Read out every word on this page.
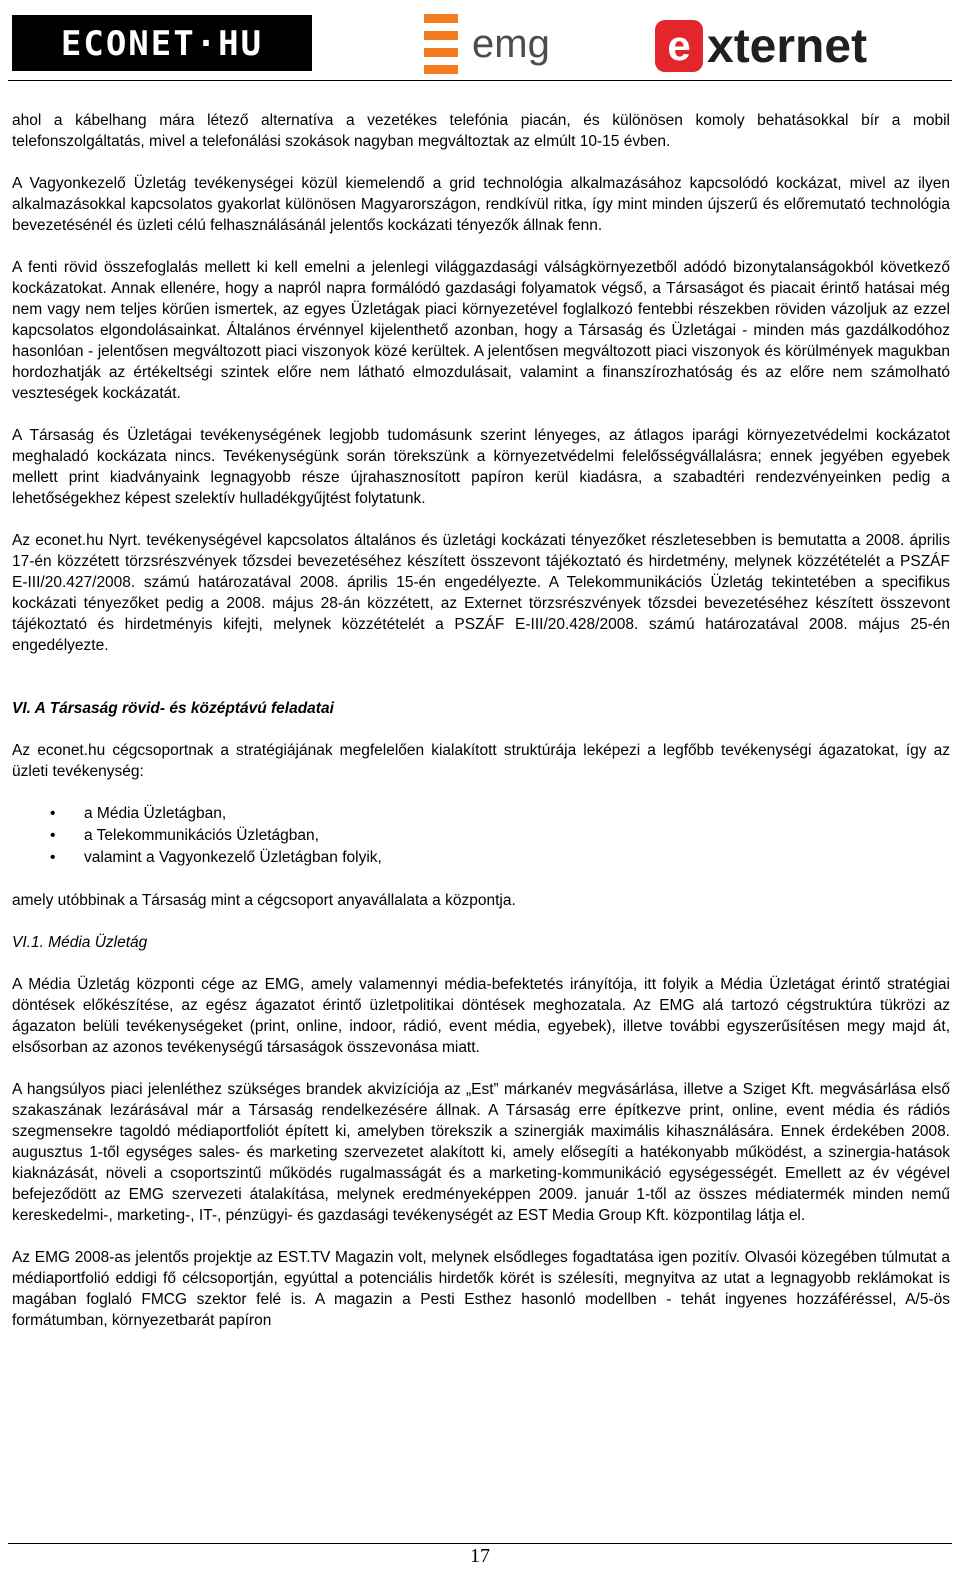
ECONET·HU	emg	e xternet

ahol a kábelhang mára létező alternatíva a vezetékes telefónia piacán, és különösen komoly behatásokkal bír a mobil telefonszolgáltatás, mivel a telefonálási szokások nagyban megváltoztak az elmúlt 10-15 évben.

A Vagyonkezelő Üzletág tevékenységei közül kiemelendő a grid technológia alkalmazásához kapcsolódó kockázat, mivel az ilyen alkalmazásokkal kapcsolatos gyakorlat különösen Magyarországon, rendkívül ritka, így mint minden újszerű és előremutató technológia bevezetésénél és üzleti célú felhasználásánál jelentős kockázati tényezők állnak fenn.

A fenti rövid összefoglalás mellett ki kell emelni a jelenlegi világgazdasági válságkörnyezetből adódó bizonytalanságokból következő kockázatokat. Annak ellenére, hogy a napról napra formálódó gazdasági folyamatok végső, a Társaságot és piacait érintő hatásai még nem vagy nem teljes körűen ismertek, az egyes Üzletágak piaci környezetével foglalkozó fentebbi részekben röviden vázoljuk az ezzel kapcsolatos elgondolásainkat. Általános érvénnyel kijelenthető azonban, hogy a Társaság és Üzletágai - minden más gazdálkodóhoz hasonlóan - jelentősen megváltozott piaci viszonyok közé kerültek. A jelentősen megváltozott piaci viszonyok és körülmények magukban hordozhatják az értékeltségi szintek előre nem látható elmozdulásait, valamint a finanszírozhatóság és az előre nem számolható veszteségek kockázatát.

A Társaság és Üzletágai tevékenységének legjobb tudomásunk szerint lényeges, az átlagos iparági környezetvédelmi kockázatot meghaladó kockázata nincs. Tevékenységünk során törekszünk a környezetvédelmi felelősségvállalásra; ennek jegyében egyebek mellett print kiadványaink legnagyobb része újrahasznosított papíron kerül kiadásra, a szabadtéri rendezvényeinken pedig a lehetőségekhez képest szelektív hulladékgyűjtést folytatunk.

Az econet.hu Nyrt. tevékenységével kapcsolatos általános és üzletági kockázati tényezőket részletesebben is bemutatta a 2008. április 17-én közzétett törzsrészvények tőzsdei bevezetéséhez készített összevont tájékoztató és hirdetmény, melynek közzétételét a PSZÁF E-III/20.427/2008. számú határozatával 2008. április 15-én engedélyezte. A Telekommunikációs Üzletág tekintetében a specifikus kockázati tényezőket pedig a 2008. május 28-án közzétett, az Externet törzsrészvények tőzsdei bevezetéséhez készített összevont tájékoztató és hirdetményis kifejti, melynek közzétételét a PSZÁF E-III/20.428/2008. számú határozatával 2008. május 25-én engedélyezte.

VI. A Társaság rövid- és középtávú feladatai

Az econet.hu cégcsoportnak a stratégiájának megfelelően kialakított struktúrája leképezi a legfőbb tevékenységi ágazatokat, így az üzleti tevékenység:

• a Média Üzletágban,
• a Telekommunikációs Üzletágban,
• valamint a Vagyonkezelő Üzletágban folyik,

amely utóbbinak a Társaság mint a cégcsoport anyavállalata a központja.

VI.1. Média Üzletág

A Média Üzletág központi cége az EMG, amely valamennyi média-befektetés irányítója, itt folyik a Média Üzletágat érintő stratégiai döntések előkészítése, az egész ágazatot érintő üzletpolitikai döntések meghozatala. Az EMG alá tartozó cégstruktúra tükrözi az ágazaton belüli tevékenységeket (print, online, indoor, rádió, event média, egyebek), illetve további egyszerűsítésen megy majd át, elsősorban az azonos tevékenységű társaságok összevonása miatt.

A hangsúlyos piaci jelenléthez szükséges brandek akvizíciója az „Est” márkanév megvásárlása, illetve a Sziget Kft. megvásárlása első szakaszának lezárásával már a Társaság rendelkezésére állnak. A Társaság erre építkezve print, online, event média és rádiós szegmensekre tagoldó médiaportfoliót épített ki, amelyben törekszik a szinergiák maximális kihasználására. Ennek érdekében 2008. augusztus 1-től egységes sales- és marketing szervezetet alakított ki, amely elősegíti a hatékonyabb működést, a szinergia-hatások kiaknázását, növeli a csoportszintű működés rugalmasságát és a marketing-kommunikáció egységességét. Emellett az év végével befejeződött az EMG szervezeti átalakítása, melynek eredményeképpen 2009. január 1-től az összes médiatermék minden nemű kereskedelmi-, marketing-, IT-, pénzügyi- és gazdasági tevékenységét az EST Media Group Kft. központilag látja el.

Az EMG 2008-as jelentős projektje az EST.TV Magazin volt, melynek elsődleges fogadtatása igen pozitív. Olvasói közegében túlmutat a médiaportfolió eddigi fő célcsoportján, egyúttal a potenciális hirdetők körét is szélesíti, megnyitva az utat a legnagyobb reklámokat is magában foglaló FMCG szektor felé is. A magazin a Pesti Esthez hasonló modellben - tehát ingyenes hozzáféréssel, A/5-ös formátumban, környezetbarát papíron

17
